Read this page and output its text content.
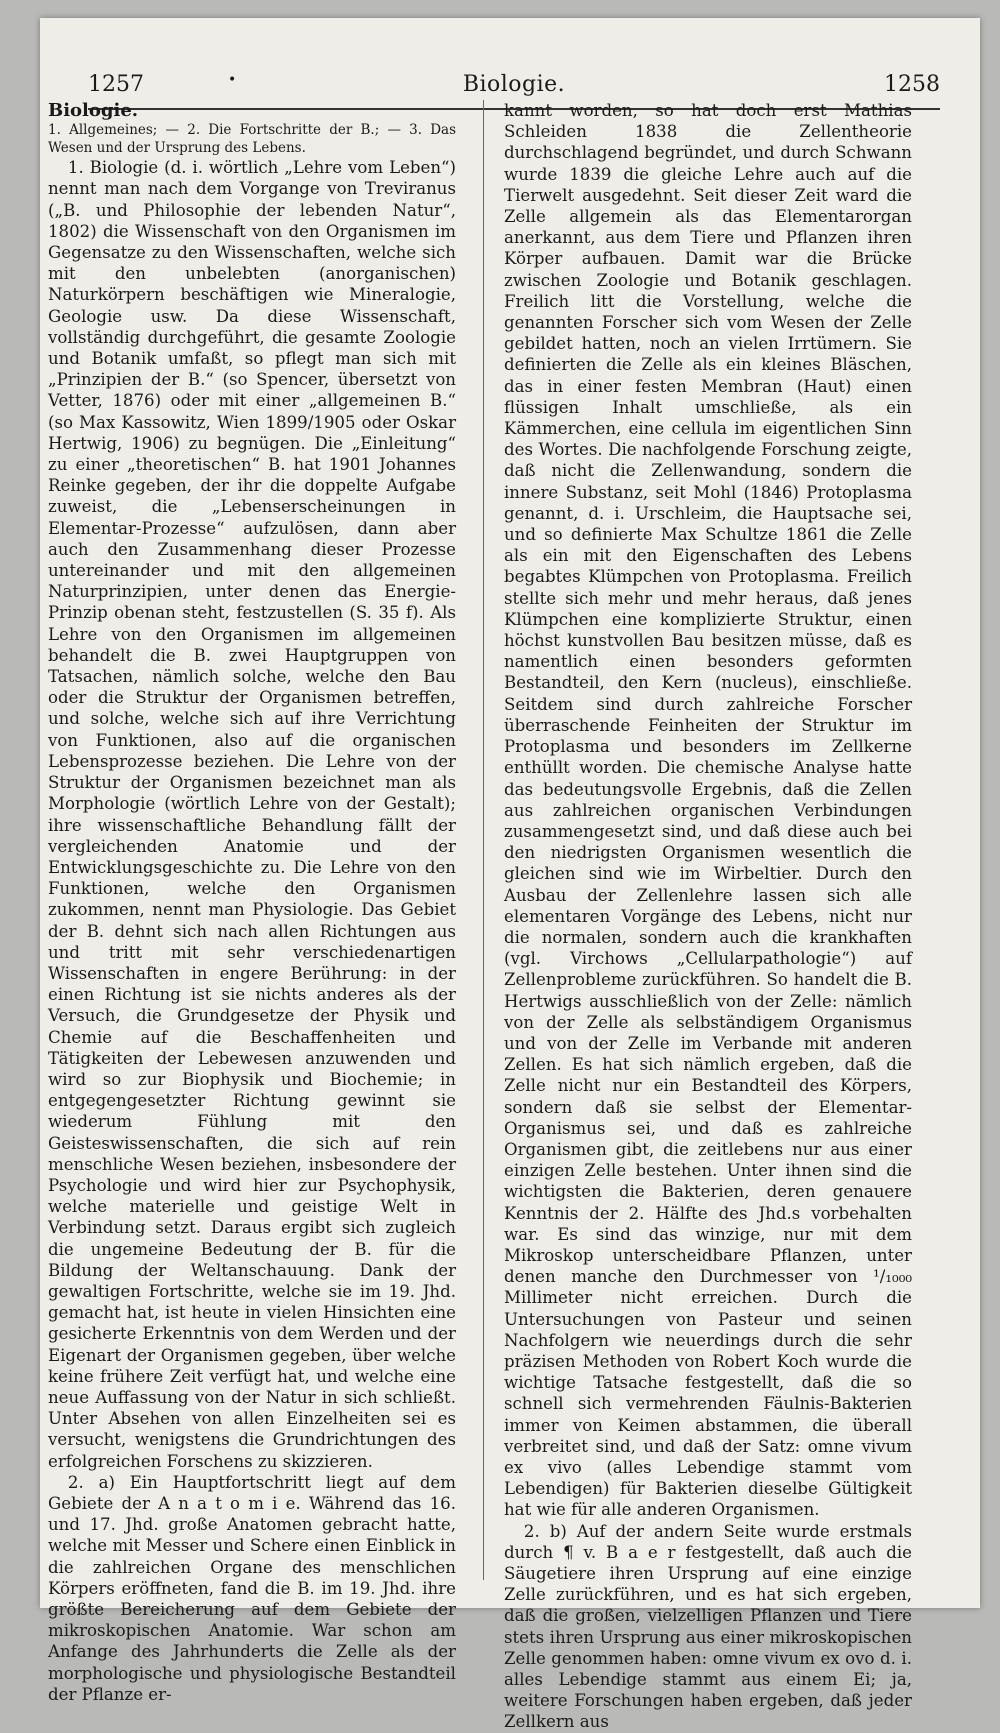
1257	•	Biologie.	1258

Biologie.

1. Allgemeines; — 2. Die Fortschritte der B.; — 3. Das Wesen und der Ursprung des Lebens.

1. Biologie (d. i. wörtlich „Lehre vom Leben“) nennt man nach dem Vorgange von Treviranus („B. und Philosophie der lebenden Natur“, 1802) die Wissenschaft von den Organismen im Gegensatze zu den Wissenschaften, welche sich mit den unbelebten (anorganischen) Naturkörpern beschäftigen wie Mineralogie, Geologie usw. Da diese Wissenschaft, vollständig durchgeführt, die gesamte Zoologie und Botanik umfaßt, so pflegt man sich mit „Prinzipien der B.“ (so Spencer, übersetzt von Vetter, 1876) oder mit einer „allgemeinen B.“ (so Max Kassowitz, Wien 1899/1905 oder Oskar Hertwig, 1906) zu begnügen. Die „Einleitung“ zu einer „theoretischen“ B. hat 1901 Johannes Reinke gegeben, der ihr die doppelte Aufgabe zuweist, die „Lebenserscheinungen in Elementar-Prozesse“ aufzulösen, dann aber auch den Zusammenhang dieser Prozesse untereinander und mit den allgemeinen Naturprinzipien, unter denen das Energie-Prinzip obenan steht, festzustellen (S. 35 f). Als Lehre von den Organismen im allgemeinen behandelt die B. zwei Hauptgruppen von Tatsachen, nämlich solche, welche den Bau oder die Struktur der Organismen betreffen, und solche, welche sich auf ihre Verrichtung von Funktionen, also auf die organischen Lebensprozesse beziehen. Die Lehre von der Struktur der Organismen bezeichnet man als Morphologie (wörtlich Lehre von der Gestalt); ihre wissenschaftliche Behandlung fällt der vergleichenden Anatomie und der Entwicklungsgeschichte zu. Die Lehre von den Funktionen, welche den Organismen zukommen, nennt man Physiologie. Das Gebiet der B. dehnt sich nach allen Richtungen aus und tritt mit sehr verschiedenartigen Wissenschaften in engere Berührung: in der einen Richtung ist sie nichts anderes als der Versuch, die Grundgesetze der Physik und Chemie auf die Beschaffenheiten und Tätigkeiten der Lebewesen anzuwenden und wird so zur Biophysik und Biochemie; in entgegengesetzter Richtung gewinnt sie wiederum Fühlung mit den Geisteswissenschaften, die sich auf rein menschliche Wesen beziehen, insbesondere der Psychologie und wird hier zur Psychophysik, welche materielle und geistige Welt in Verbindung setzt. Daraus ergibt sich zugleich die ungemeine Bedeutung der B. für die Bildung der Weltanschauung. Dank der gewaltigen Fortschritte, welche sie im 19. Jhd. gemacht hat, ist heute in vielen Hinsichten eine gesicherte Erkenntnis von dem Werden und der Eigenart der Organismen gegeben, über welche keine frühere Zeit verfügt hat, und welche eine neue Auffassung von der Natur in sich schließt. Unter Absehen von allen Einzelheiten sei es versucht, wenigstens die Grundrichtungen des erfolgreichen Forschens zu skizzieren.

2. a) Ein Hauptfortschritt liegt auf dem Gebiete der A n a t o m i e. Während das 16. und 17. Jhd. große Anatomen gebracht hatte, welche mit Messer und Schere einen Einblick in die zahlreichen Organe des menschlichen Körpers eröffneten, fand die B. im 19. Jhd. ihre größte Bereicherung auf dem Gebiete der mikroskopischen Anatomie. War schon am Anfange des Jahrhunderts die Zelle als der morphologische und physiologische Bestandteil der Pflanze er-

kannt worden, so hat doch erst Mathias Schleiden 1838 die Zellentheorie durchschlagend begründet, und durch Schwann wurde 1839 die gleiche Lehre auch auf die Tierwelt ausgedehnt. Seit dieser Zeit ward die Zelle allgemein als das Elementarorgan anerkannt, aus dem Tiere und Pflanzen ihren Körper aufbauen. Damit war die Brücke zwischen Zoologie und Botanik geschlagen. Freilich litt die Vorstellung, welche die genannten Forscher sich vom Wesen der Zelle gebildet hatten, noch an vielen Irrtümern. Sie definierten die Zelle als ein kleines Bläschen, das in einer festen Membran (Haut) einen flüssigen Inhalt umschließe, als ein Kämmerchen, eine cellula im eigentlichen Sinn des Wortes. Die nachfolgende Forschung zeigte, daß nicht die Zellenwandung, sondern die innere Substanz, seit Mohl (1846) Protoplasma genannt, d. i. Urschleim, die Hauptsache sei, und so definierte Max Schultze 1861 die Zelle als ein mit den Eigenschaften des Lebens begabtes Klümpchen von Protoplasma. Freilich stellte sich mehr und mehr heraus, daß jenes Klümpchen eine komplizierte Struktur, einen höchst kunstvollen Bau besitzen müsse, daß es namentlich einen besonders geformten Bestandteil, den Kern (nucleus), einschließe. Seitdem sind durch zahlreiche Forscher überraschende Feinheiten der Struktur im Protoplasma und besonders im Zellkerne enthüllt worden. Die chemische Analyse hatte das bedeutungsvolle Ergebnis, daß die Zellen aus zahlreichen organischen Verbindungen zusammengesetzt sind, und daß diese auch bei den niedrigsten Organismen wesentlich die gleichen sind wie im Wirbeltier. Durch den Ausbau der Zellenlehre lassen sich alle elementaren Vorgänge des Lebens, nicht nur die normalen, sondern auch die krankhaften (vgl. Virchows „Cellularpathologie“) auf Zellenprobleme zurückführen. So handelt die B. Hertwigs ausschließlich von der Zelle: nämlich von der Zelle als selbständigem Organismus und von der Zelle im Verbande mit anderen Zellen. Es hat sich nämlich ergeben, daß die Zelle nicht nur ein Bestandteil des Körpers, sondern daß sie selbst der Elementar-Organismus sei, und daß es zahlreiche Organismen gibt, die zeitlebens nur aus einer einzigen Zelle bestehen. Unter ihnen sind die wichtigsten die Bakterien, deren genauere Kenntnis der 2. Hälfte des Jhd.s vorbehalten war. Es sind das winzige, nur mit dem Mikroskop unterscheidbare Pflanzen, unter denen manche den Durchmesser von ¹/₁₀₀₀ Millimeter nicht erreichen. Durch die Untersuchungen von Pasteur und seinen Nachfolgern wie neuerdings durch die sehr präzisen Methoden von Robert Koch wurde die wichtige Tatsache festgestellt, daß die so schnell sich vermehrenden Fäulnis-Bakterien immer von Keimen abstammen, die überall verbreitet sind, und daß der Satz: omne vivum ex vivo (alles Lebendige stammt vom Lebendigen) für Bakterien dieselbe Gültigkeit hat wie für alle anderen Organismen.

2. b) Auf der andern Seite wurde erstmals durch ¶ v. B a e r festgestellt, daß auch die Säugetiere ihren Ursprung auf eine einzige Zelle zurückführen, und es hat sich ergeben, daß die großen, vielzelligen Pflanzen und Tiere stets ihren Ursprung aus einer mikroskopischen Zelle genommen haben: omne vivum ex ovo d. i. alles Lebendige stammt aus einem Ei; ja, weitere Forschungen haben ergeben, daß jeder Zellkern aus
